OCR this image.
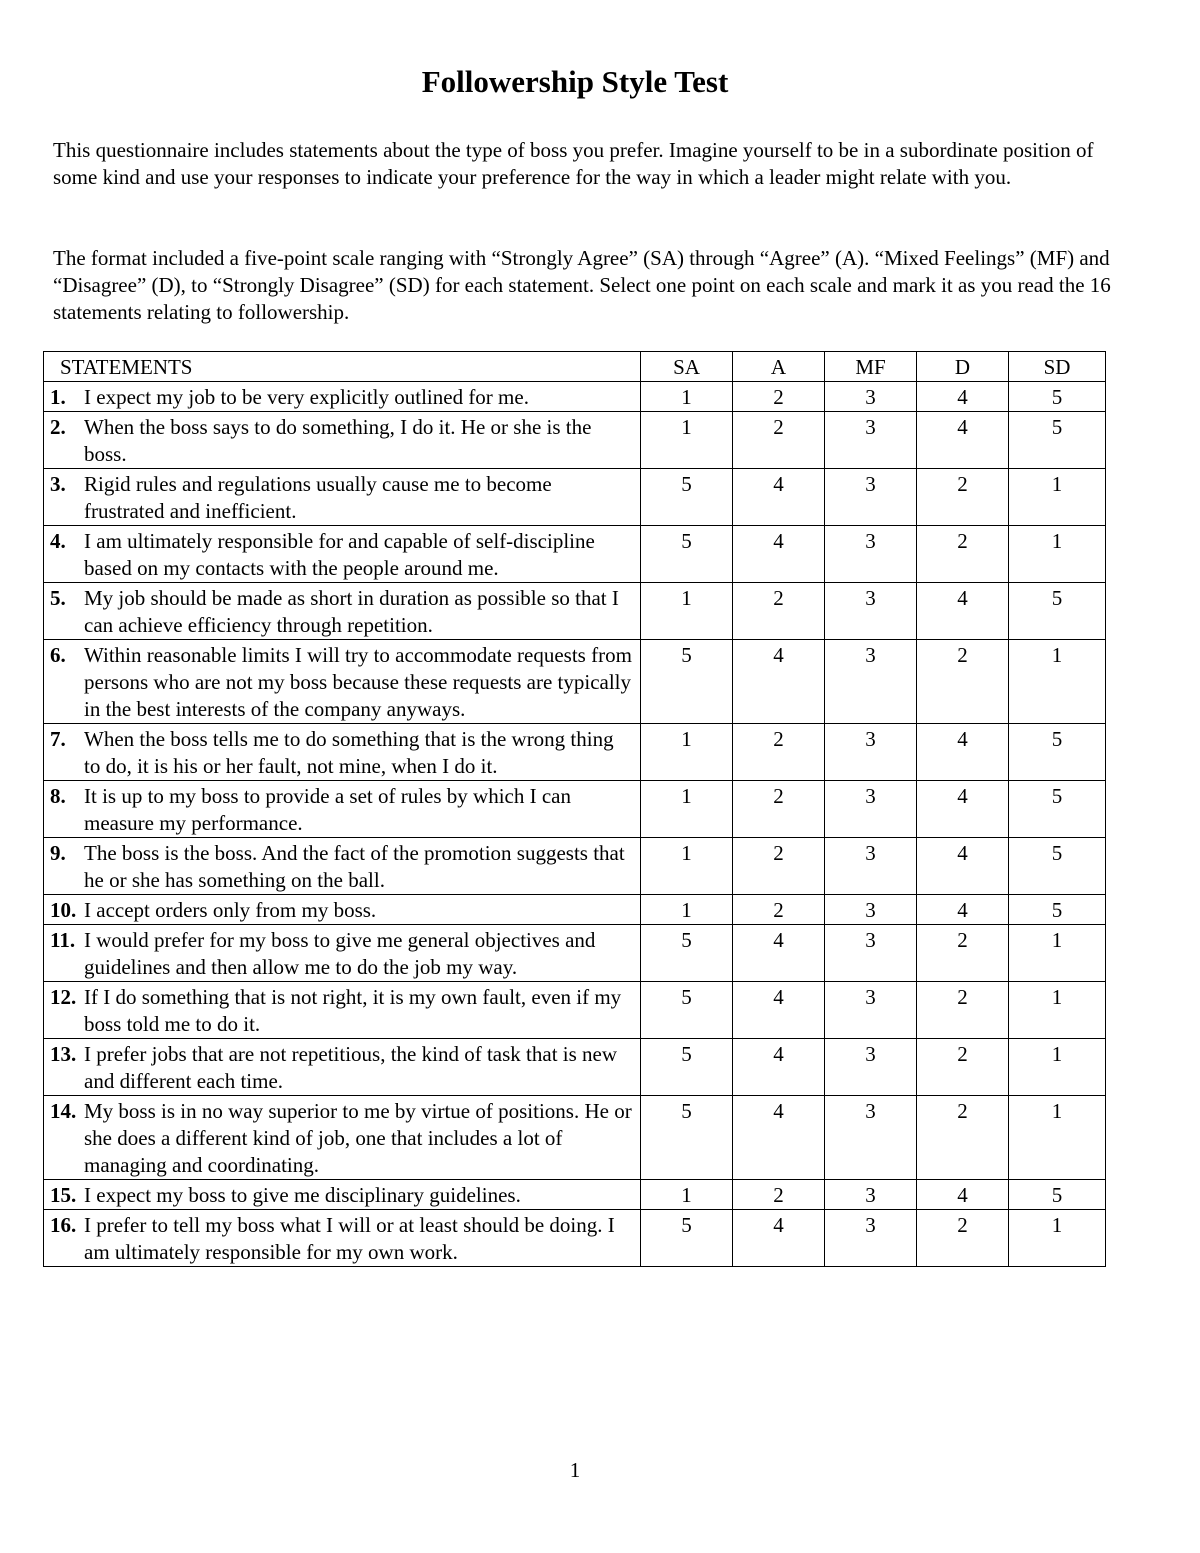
Followership Style Test

This questionnaire includes statements about the type of boss you prefer. Imagine yourself to be in a subordinate position of some kind and use your responses to indicate your preference for the way in which a leader might relate with you.

The format included a five-point scale ranging with “Strongly Agree” (SA) through “Agree” (A). “Mixed Feelings” (MF) and “Disagree” (D), to “Strongly Disagree” (SD) for each statement. Select one point on each scale and mark it as you read the 16 statements relating to followership.

STATEMENTS	SA	A	MF	D	SD

1. I expect my job to be very explicitly outlined for me.	1	2	3	4	5

2. When the boss says to do something, I do it. He or she is the boss.	1	2	3	4	5

3. Rigid rules and regulations usually cause me to become frustrated and inefficient.	5	4	3	2	1

4. I am ultimately responsible for and capable of self-discipline based on my contacts with the people around me.	5	4	3	2	1

5. My job should be made as short in duration as possible so that I can achieve efficiency through repetition.	1	2	3	4	5

6. Within reasonable limits I will try to accommodate requests from persons who are not my boss because these requests are typically in the best interests of the company anyways.	5	4	3	2	1

7. When the boss tells me to do something that is the wrong thing to do, it is his or her fault, not mine, when I do it.	1	2	3	4	5

8. It is up to my boss to provide a set of rules by which I can measure my performance.	1	2	3	4	5

9. The boss is the boss. And the fact of the promotion suggests that he or she has something on the ball.	1	2	3	4	5

10. I accept orders only from my boss.	1	2	3	4	5

11. I would prefer for my boss to give me general objectives and guidelines and then allow me to do the job my way.	5	4	3	2	1

12. If I do something that is not right, it is my own fault, even if my boss told me to do it.	5	4	3	2	1

13. I prefer jobs that are not repetitious, the kind of task that is new and different each time.	5	4	3	2	1

14. My boss is in no way superior to me by virtue of positions. He or she does a different kind of job, one that includes a lot of managing and coordinating.	5	4	3	2	1

15. I expect my boss to give me disciplinary guidelines.	1	2	3	4	5

16. I prefer to tell my boss what I will or at least should be doing. I am ultimately responsible for my own work.	5	4	3	2	1
1
